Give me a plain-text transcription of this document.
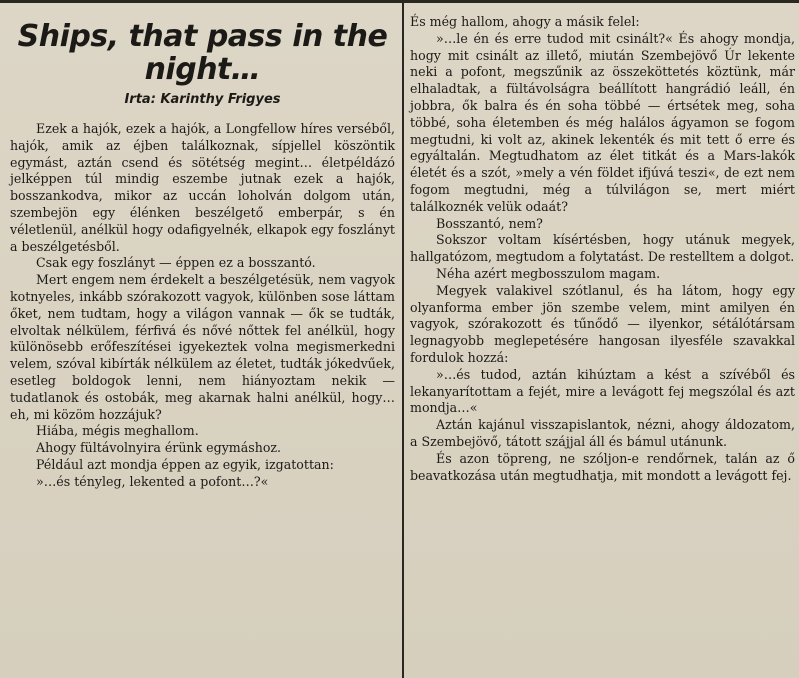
Ships, that pass in the night…
Irta: Karinthy Frigyes

Ezek a hajók, ezek a hajók, a Longfellow híres verséből, hajók, amik az éjben találkoznak, sípjellel köszöntik egymást, aztán csend és sötétség megint… életpéldázó jelképpen túl mindig eszembe jutnak ezek a hajók, bosszankodva, mikor az uccán loholván dolgom után, szembejön egy élénken beszélgető emberpár, s én véletlenül, anélkül hogy odafigyelnék, elkapok egy foszlányt a beszélgetésből.

Csak egy foszlányt — éppen ez a bosszantó.

Mert engem nem érdekelt a beszélgetésük, nem vagyok kotnyeles, inkább szórakozott vagyok, különben sose láttam őket, nem tudtam, hogy a világon vannak — ők se tudták, elvoltak nélkülem, férfivá és nővé nőttek fel anélkül, hogy különösebb erőfeszítései igyekeztek volna megismerkedni velem, szóval kibírták nélkülem az életet, tudták jókedvűek, esetleg boldogok lenni, nem hiányoztam nekik — tudatlanok és ostobák, meg akarnak halni anélkül, hogy… eh, mi közöm hozzájuk?

Hiába, mégis meghallom.

Ahogy fültávolnyira érünk egymáshoz.

Például azt mondja éppen az egyik, izgatottan:

»…és tényleg, lekented a pofont…?«

És még hallom, ahogy a másik felel:

»…le én és erre tudod mit csinált?« És ahogy mondja, hogy mit csinált az illető, miután Szembejövő Úr lekente neki a pofont, megszűnik az összeköttetés köztünk, már elhaladtak, a fültávolságra beállított hangrádió leáll, én jobbra, ők balra és én soha többé — értsétek meg, soha többé, soha életemben és még halálos ágyamon se fogom megtudni, ki volt az, akinek lekenték és mit tett ő erre és egyáltalán. Megtudhatom az élet titkát és a Mars-lakók életét és a szót, »mely a vén földet ifjúvá teszi«, de ezt nem fogom megtudni, még a túlvilágon se, mert miért találkoznék velük odaát?

Bosszantó, nem?

Sokszor voltam kísértésben, hogy utánuk megyek, hallgatózom, megtudom a folytatást. De restelltem a dolgot.

Néha azért megbosszulom magam.

Megyek valakivel szótlanul, és ha látom, hogy egy olyanforma ember jön szembe velem, mint amilyen én vagyok, szórakozott és tűnődő — ilyenkor, sétálótársam legnagyobb meglepetésére hangosan ilyesféle szavakkal fordulok hozzá:

»…és tudod, aztán kihúztam a kést a szívéből és lekanyarítottam a fejét, mire a levágott fej megszólal és azt mondja…«

Aztán kajánul visszapislantok, nézni, ahogy áldozatom, a Szembejövő, tátott szájjal áll és bámul utánunk.

És azon töpreng, ne szóljon-e rendőrnek, talán az ő beavatkozása után megtudhatja, mit mondott a levágott fej.
